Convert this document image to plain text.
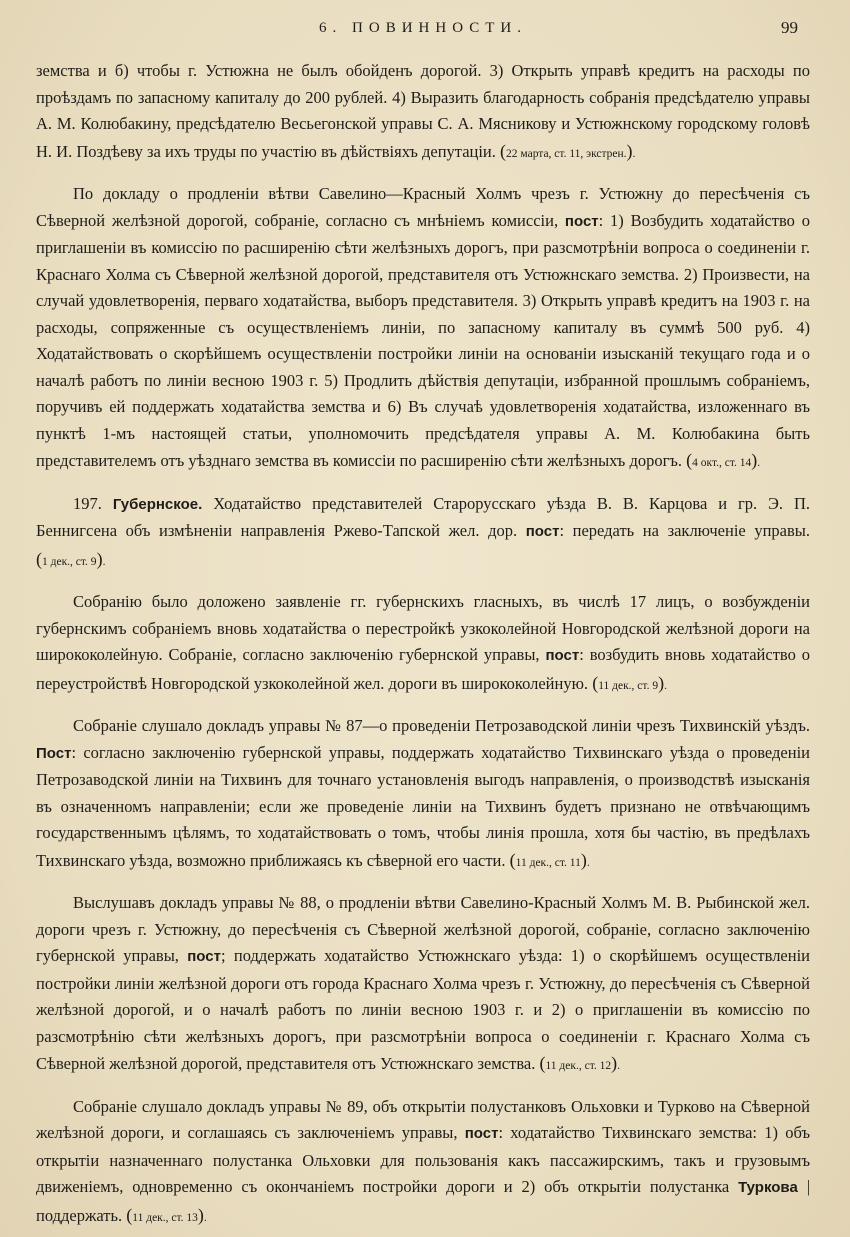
6. ПОВИННОСТИ.	99

земства и б) чтобы г. Устюжна не былъ обойденъ дорогой. 3) Открыть управѣ кредитъ на расходы по проѣздамъ по запасному капиталу до 200 рублей. 4) Выразить благодарность собранія предсѣдателю управы А. М. Колюбакину, предсѣдателю Весьегонской управы С. А. Мясникову и Устюжнскому городскому головѣ Н. И. Поздѣеву за ихъ труды по участію въ дѣйствіяхъ депутаціи. (22 марта, ст. 11, экстрен.).

По докладу о продленіи вѣтви Савелино—Красный Холмъ чрезъ г. Устюжну до пересѣченія съ Сѣверной желѣзной дорогой, собраніе, согласно съ мнѣніемъ комиссіи, пост: 1) Возбудить ходатайство о приглашеніи въ комиссію по расширенію сѣти желѣзныхъ дорогъ, при разсмотрѣніи вопроса о соединеніи г. Краснаго Холма съ Сѣверной желѣзной дорогой, представителя отъ Устюжнскаго земства. 2) Произвести, на случай удовлетворенія, перваго ходатайства, выборъ представителя. 3) Открыть управѣ кредитъ на 1903 г. на расходы, сопряженные съ осуществленіемъ линіи, по запасному капиталу въ суммѣ 500 руб. 4) Ходатайствовать о скорѣйшемъ осуществленіи постройки линіи на основаніи изысканій текущаго года и о началѣ работъ по линіи весною 1903 г. 5) Продлить дѣйствія депутаціи, избранной прошлымъ собраніемъ, поручивъ ей поддержать ходатайства земства и 6) Въ случаѣ удовлетворенія ходатайства, изложеннаго въ пунктѣ 1-мъ настоящей статьи, уполномочить предсѣдателя управы А. М. Колюбакина быть представителемъ отъ уѣзднаго земства въ комиссіи по расширенію сѣти желѣзныхъ дорогъ. (4 окт., ст. 14).

197. Губернское. Ходатайство представителей Старорусскаго уѣзда В. В. Карцова и гр. Э. П. Беннигсена объ измѣненіи направленія Ржево-Тапской жел. дор. пост: передать на заключеніе управы. (1 дек., ст. 9).

Собранію было доложено заявленіе гг. губернскихъ гласныхъ, въ числѣ 17 лицъ, о возбужденіи губернскимъ собраніемъ вновь ходатайства о перестройкѣ узкоколейной Новгородской желѣзной дороги на ширококолейную. Собраніе, согласно заключенію губернской управы, пост: возбудить вновь ходатайство о переустройствѣ Новгородской узкоколейной жел. дороги въ ширококолейную. (11 дек., ст. 9).

Собраніе слушало докладъ управы № 87—о проведеніи Петрозаводской линіи чрезъ Тихвинскій уѣздъ. Пост: согласно заключенію губернской управы, поддержать ходатайство Тихвинскаго уѣзда о проведеніи Петрозаводской линіи на Тихвинъ для точнаго установленія выгодъ направленія, о производствѣ изысканія въ означенномъ направленіи; если же проведеніе линіи на Тихвинъ будетъ признано не отвѣчающимъ государственнымъ цѣлямъ, то ходатайствовать о томъ, чтобы линія прошла, хотя бы частію, въ предѣлахъ Тихвинскаго уѣзда, возможно приближаясь къ сѣверной его части. (11 дек., ст. 11).

Выслушавъ докладъ управы № 88, о продленіи вѣтви Савелино-Красный Холмъ М. В. Рыбинской жел. дороги чрезъ г. Устюжну, до пересѣченія съ Сѣверной желѣзной дорогой, собраніе, согласно заключенію губернской управы, пост; поддержать ходатайство Устюжнскаго уѣзда: 1) о скорѣйшемъ осуществленіи постройки линіи желѣзной дороги отъ города Краснаго Холма чрезъ г. Устюжну, до пересѣченія съ Сѣверной желѣзной дорогой, и о началѣ работъ по линіи весною 1903 г. и 2) о приглашеніи въ комиссію по разсмотрѣнію сѣти желѣзныхъ дорогъ, при разсмотрѣніи вопроса о соединеніи г. Краснаго Холма съ Сѣверной желѣзной дорогой, представителя отъ Устюжнскаго земства. (11 дек., ст. 12).

Собраніе слушало докладъ управы № 89, объ открытіи полустанковъ Ольховки и Турково на Сѣверной желѣзной дороги, и соглашаясь съ заключеніемъ управы, пост: ходатайство Тихвинскаго земства: 1) объ открытіи назначеннаго полустанка Ольховки для пользованія какъ пассажирскимъ, такъ и грузовымъ движеніемъ, одновременно съ окончаніемъ постройки дороги и 2) объ открытіи полустанка Туркова | поддержать. (11 дек., ст. 13).
